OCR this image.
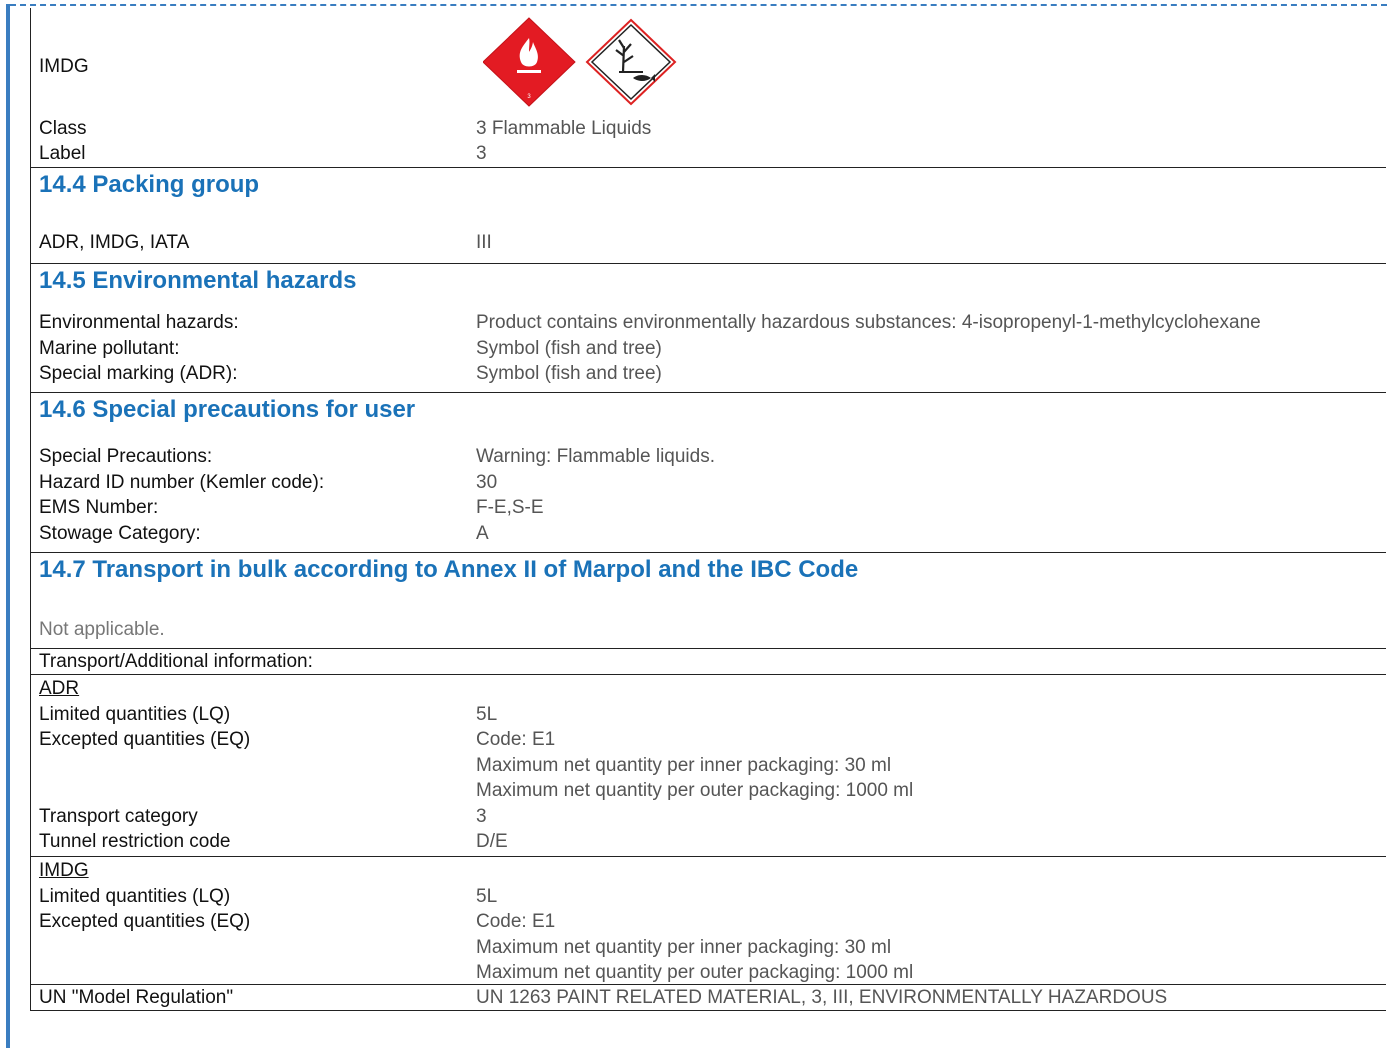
IMDG
3
Class	3 Flammable Liquids
Label	3
14.4 Packing group
ADR, IMDG, IATA	III
14.5 Environmental hazards
Environmental hazards:	Product contains environmentally hazardous substances: 4-isopropenyl-1-methylcyclohexane
Marine pollutant:	Symbol (fish and tree)
Special marking (ADR):	Symbol (fish and tree)
14.6 Special precautions for user
Special Precautions:	Warning: Flammable liquids.
Hazard ID number (Kemler code):	30
EMS Number:	F-E,S-E
Stowage Category:	A
14.7 Transport in bulk according to Annex II of Marpol and the IBC Code
Not applicable.
Transport/Additional information:
ADR
Limited quantities (LQ)	5L
Excepted quantities (EQ)	Code: E1
Maximum net quantity per inner packaging: 30 ml
Maximum net quantity per outer packaging: 1000 ml
Transport category	3
Tunnel restriction code	D/E
IMDG
Limited quantities (LQ)	5L
Excepted quantities (EQ)	Code: E1
Maximum net quantity per inner packaging: 30 ml
Maximum net quantity per outer packaging: 1000 ml
UN "Model Regulation"	UN 1263 PAINT RELATED MATERIAL, 3, III, ENVIRONMENTALLY HAZARDOUS
